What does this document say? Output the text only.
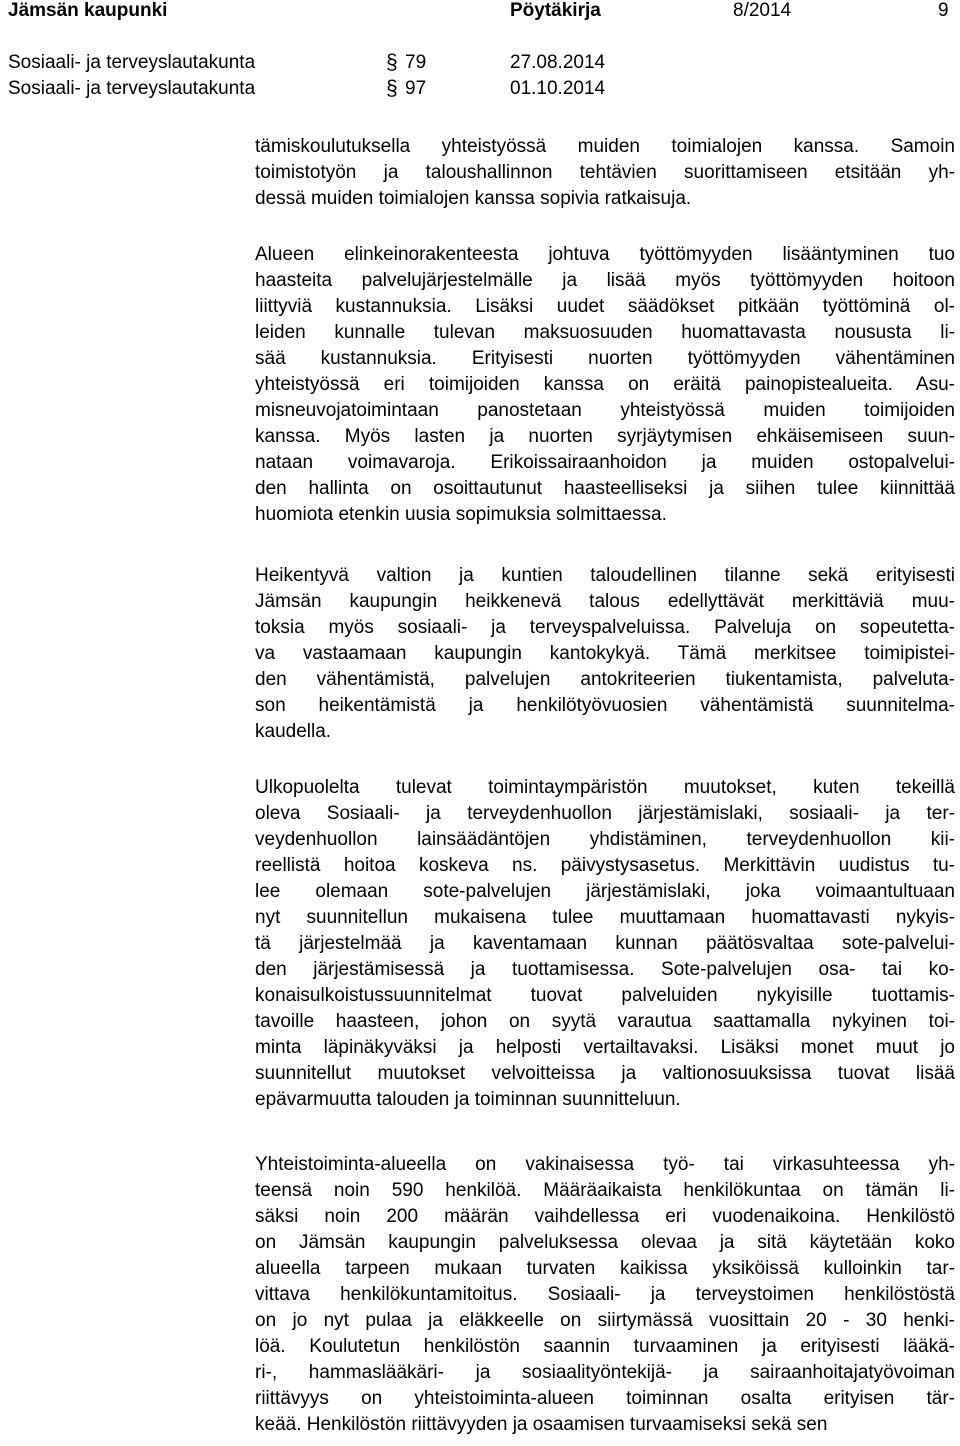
Jämsän kaupunki	Pöytäkirja	8/2014	9
Sosiaali- ja terveyslautakunta	§ 79	27.08.2014
Sosiaali- ja terveyslautakunta	§ 97	01.10.2014
tämiskoulutuksella yhteistyössä muiden toimialojen kanssa. Samoin
toimistotyön ja taloushallinnon tehtävien suorittamiseen etsitään yh-
dessä muiden toimialojen kanssa sopivia ratkaisuja.
Alueen elinkeinorakenteesta johtuva työttömyyden lisääntyminen tuo
haasteita palvelujärjestelmälle ja lisää myös työttömyyden hoitoon
liittyviä kustannuksia. Lisäksi uudet säädökset pitkään työttöminä ol-
leiden kunnalle tulevan maksuosuuden huomattavasta noususta li-
sää kustannuksia. Erityisesti nuorten työttömyyden vähentäminen
yhteistyössä eri toimijoiden kanssa on eräitä painopistealueita. Asu-
misneuvojatoimintaan panostetaan yhteistyössä muiden toimijoiden
kanssa. Myös lasten ja nuorten syrjäytymisen ehkäisemiseen suun-
nataan voimavaroja. Erikoissairaanhoidon ja muiden ostopalvelui-
den hallinta on osoittautunut haasteelliseksi ja siihen tulee kiinnittää
huomiota etenkin uusia sopimuksia solmittaessa.
Heikentyvä valtion ja kuntien taloudellinen tilanne sekä erityisesti
Jämsän kaupungin heikkenevä talous edellyttävät merkittäviä muu-
toksia myös sosiaali- ja terveyspalveluissa. Palveluja on sopeutetta-
va vastaamaan kaupungin kantokykyä. Tämä merkitsee toimipistei-
den vähentämistä, palvelujen antokriteerien tiukentamista, palveluta-
son heikentämistä ja henkilötyövuosien vähentämistä suunnitelma-
kaudella.
Ulkopuolelta tulevat toimintaympäristön muutokset, kuten tekeillä
oleva Sosiaali- ja terveydenhuollon järjestämislaki, sosiaali- ja ter-
veydenhuollon lainsäädäntöjen yhdistäminen, terveydenhuollon kii-
reellistä hoitoa koskeva ns. päivystysasetus. Merkittävin uudistus tu-
lee olemaan sote-palvelujen järjestämislaki, joka voimaantultuaan
nyt suunnitellun mukaisena tulee muuttamaan huomattavasti nykyis-
tä järjestelmää ja kaventamaan kunnan päätösvaltaa sote-palvelui-
den järjestämisessä ja tuottamisessa. Sote-palvelujen osa- tai ko-
konaisulkoistussuunnitelmat tuovat palveluiden nykyisille tuottamis-
tavoille haasteen, johon on syytä varautua saattamalla nykyinen toi-
minta läpinäkyväksi ja helposti vertailtavaksi. Lisäksi monet muut jo
suunnitellut muutokset velvoitteissa ja valtionosuuksissa tuovat lisää
epävarmuutta talouden ja toiminnan suunnitteluun.
Yhteistoiminta-alueella on vakinaisessa työ- tai virkasuhteessa yh-
teensä noin 590 henkilöä. Määräaikaista henkilökuntaa on tämän li-
säksi noin 200 määrän vaihdellessa eri vuodenaikoina. Henkilöstö
on Jämsän kaupungin palveluksessa olevaa ja sitä käytetään koko
alueella tarpeen mukaan turvaten kaikissa yksiköissä kulloinkin tar-
vittava henkilökuntamitoitus. Sosiaali- ja terveystoimen henkilöstöstä
on jo nyt pulaa ja eläkkeelle on siirtymässä vuosittain 20 - 30 henki-
löä. Koulutetun henkilöstön saannin turvaaminen ja erityisesti lääkä-
ri-, hammaslääkäri- ja sosiaalityöntekijä- ja sairaanhoitajatyövoiman
riittävyys on yhteistoiminta-alueen toiminnan osalta erityisen tär-
keää. Henkilöstön riittävyyden ja osaamisen turvaamiseksi sekä sen
